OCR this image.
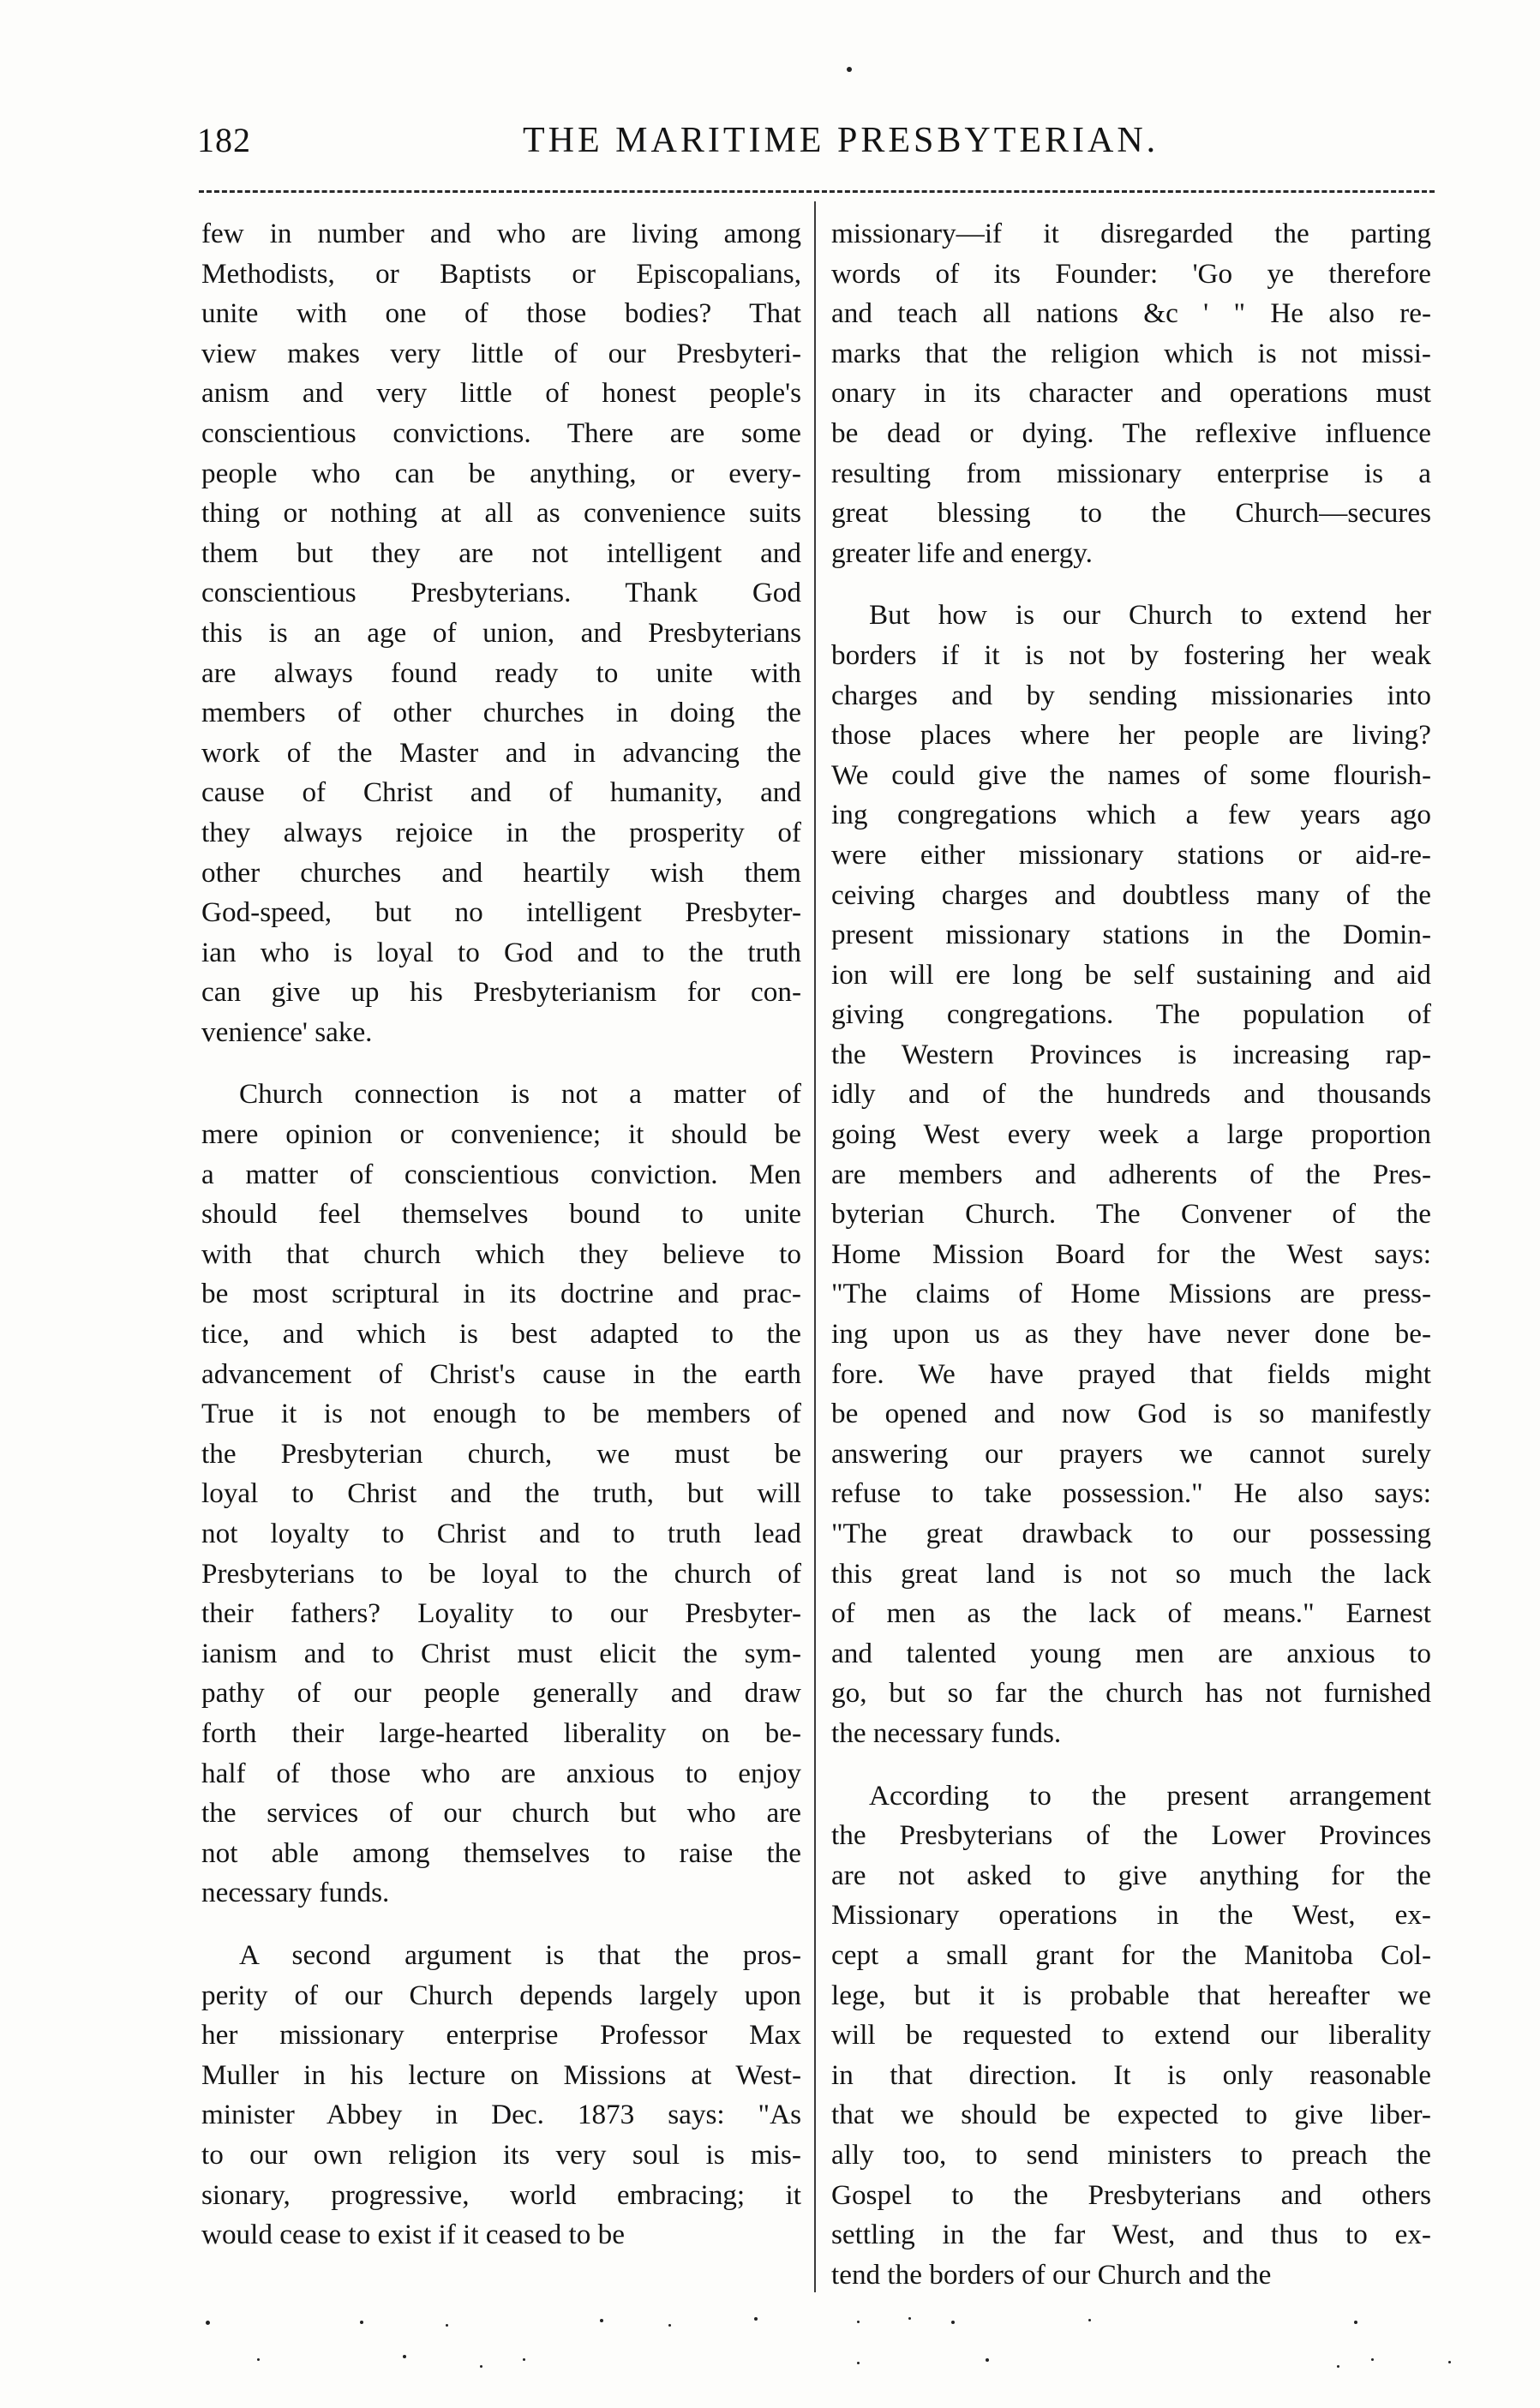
182	THE MARITIME PRESBYTERIAN.
few in number and who are living among
Methodists, or Baptists or Episcopalians,
unite with one of those bodies? That
view makes very little of our Presbyteri-
anism and very little of honest people's
conscientious convictions. There are some
people who can be anything, or every-
thing or nothing at all as convenience suits
them but they are not intelligent and
conscientious Presbyterians. Thank God
this is an age of union, and Presbyterians
are always found ready to unite with
members of other churches in doing the
work of the Master and in advancing the
cause of Christ and of humanity, and
they always rejoice in the prosperity of
other churches and heartily wish them
God-speed, but no intelligent Presbyter-
ian who is loyal to God and to the truth
can give up his Presbyterianism for con-
venience' sake.
Church connection is not a matter of
mere opinion or convenience; it should be
a matter of conscientious conviction. Men
should feel themselves bound to unite
with that church which they believe to
be most scriptural in its doctrine and prac-
tice, and which is best adapted to the
advancement of Christ's cause in the earth
True it is not enough to be members of
the Presbyterian church, we must be
loyal to Christ and the truth, but will
not loyalty to Christ and to truth lead
Presbyterians to be loyal to the church of
their fathers? Loyality to our Presbyter-
ianism and to Christ must elicit the sym-
pathy of our people generally and draw
forth their large-hearted liberality on be-
half of those who are anxious to enjoy
the services of our church but who are
not able among themselves to raise the
necessary funds.
A second argument is that the pros-
perity of our Church depends largely upon
her missionary enterprise Professor Max
Muller in his lecture on Missions at West-
minister Abbey in Dec. 1873 says: "As
to our own religion its very soul is mis-
sionary, progressive, world embracing; it
would cease to exist if it ceased to be
missionary—if it disregarded the parting
words of its Founder: 'Go ye therefore
and teach all nations &c ' " He also re-
marks that the religion which is not missi-
onary in its character and operations must
be dead or dying. The reflexive influence
resulting from missionary enterprise is a
great blessing to the Church—secures
greater life and energy.
But how is our Church to extend her
borders if it is not by fostering her weak
charges and by sending missionaries into
those places where her people are living?
We could give the names of some flourish-
ing congregations which a few years ago
were either missionary stations or aid-re-
ceiving charges and doubtless many of the
present missionary stations in the Domin-
ion will ere long be self sustaining and aid
giving congregations. The population of
the Western Provinces is increasing rap-
idly and of the hundreds and thousands
going West every week a large proportion
are members and adherents of the Pres-
byterian Church. The Convener of the
Home Mission Board for the West says:
"The claims of Home Missions are press-
ing upon us as they have never done be-
fore. We have prayed that fields might
be opened and now God is so manifestly
answering our prayers we cannot surely
refuse to take possession." He also says:
"The great drawback to our possessing
this great land is not so much the lack
of men as the lack of means." Earnest
and talented young men are anxious to
go, but so far the church has not furnished
the necessary funds.
According to the present arrangement
the Presbyterians of the Lower Provinces
are not asked to give anything for the
Missionary operations in the West, ex-
cept a small grant for the Manitoba Col-
lege, but it is probable that hereafter we
will be requested to extend our liberality
in that direction. It is only reasonable
that we should be expected to give liber-
ally too, to send ministers to preach the
Gospel to the Presbyterians and others
settling in the far West, and thus to ex-
tend the borders of our Church and the
